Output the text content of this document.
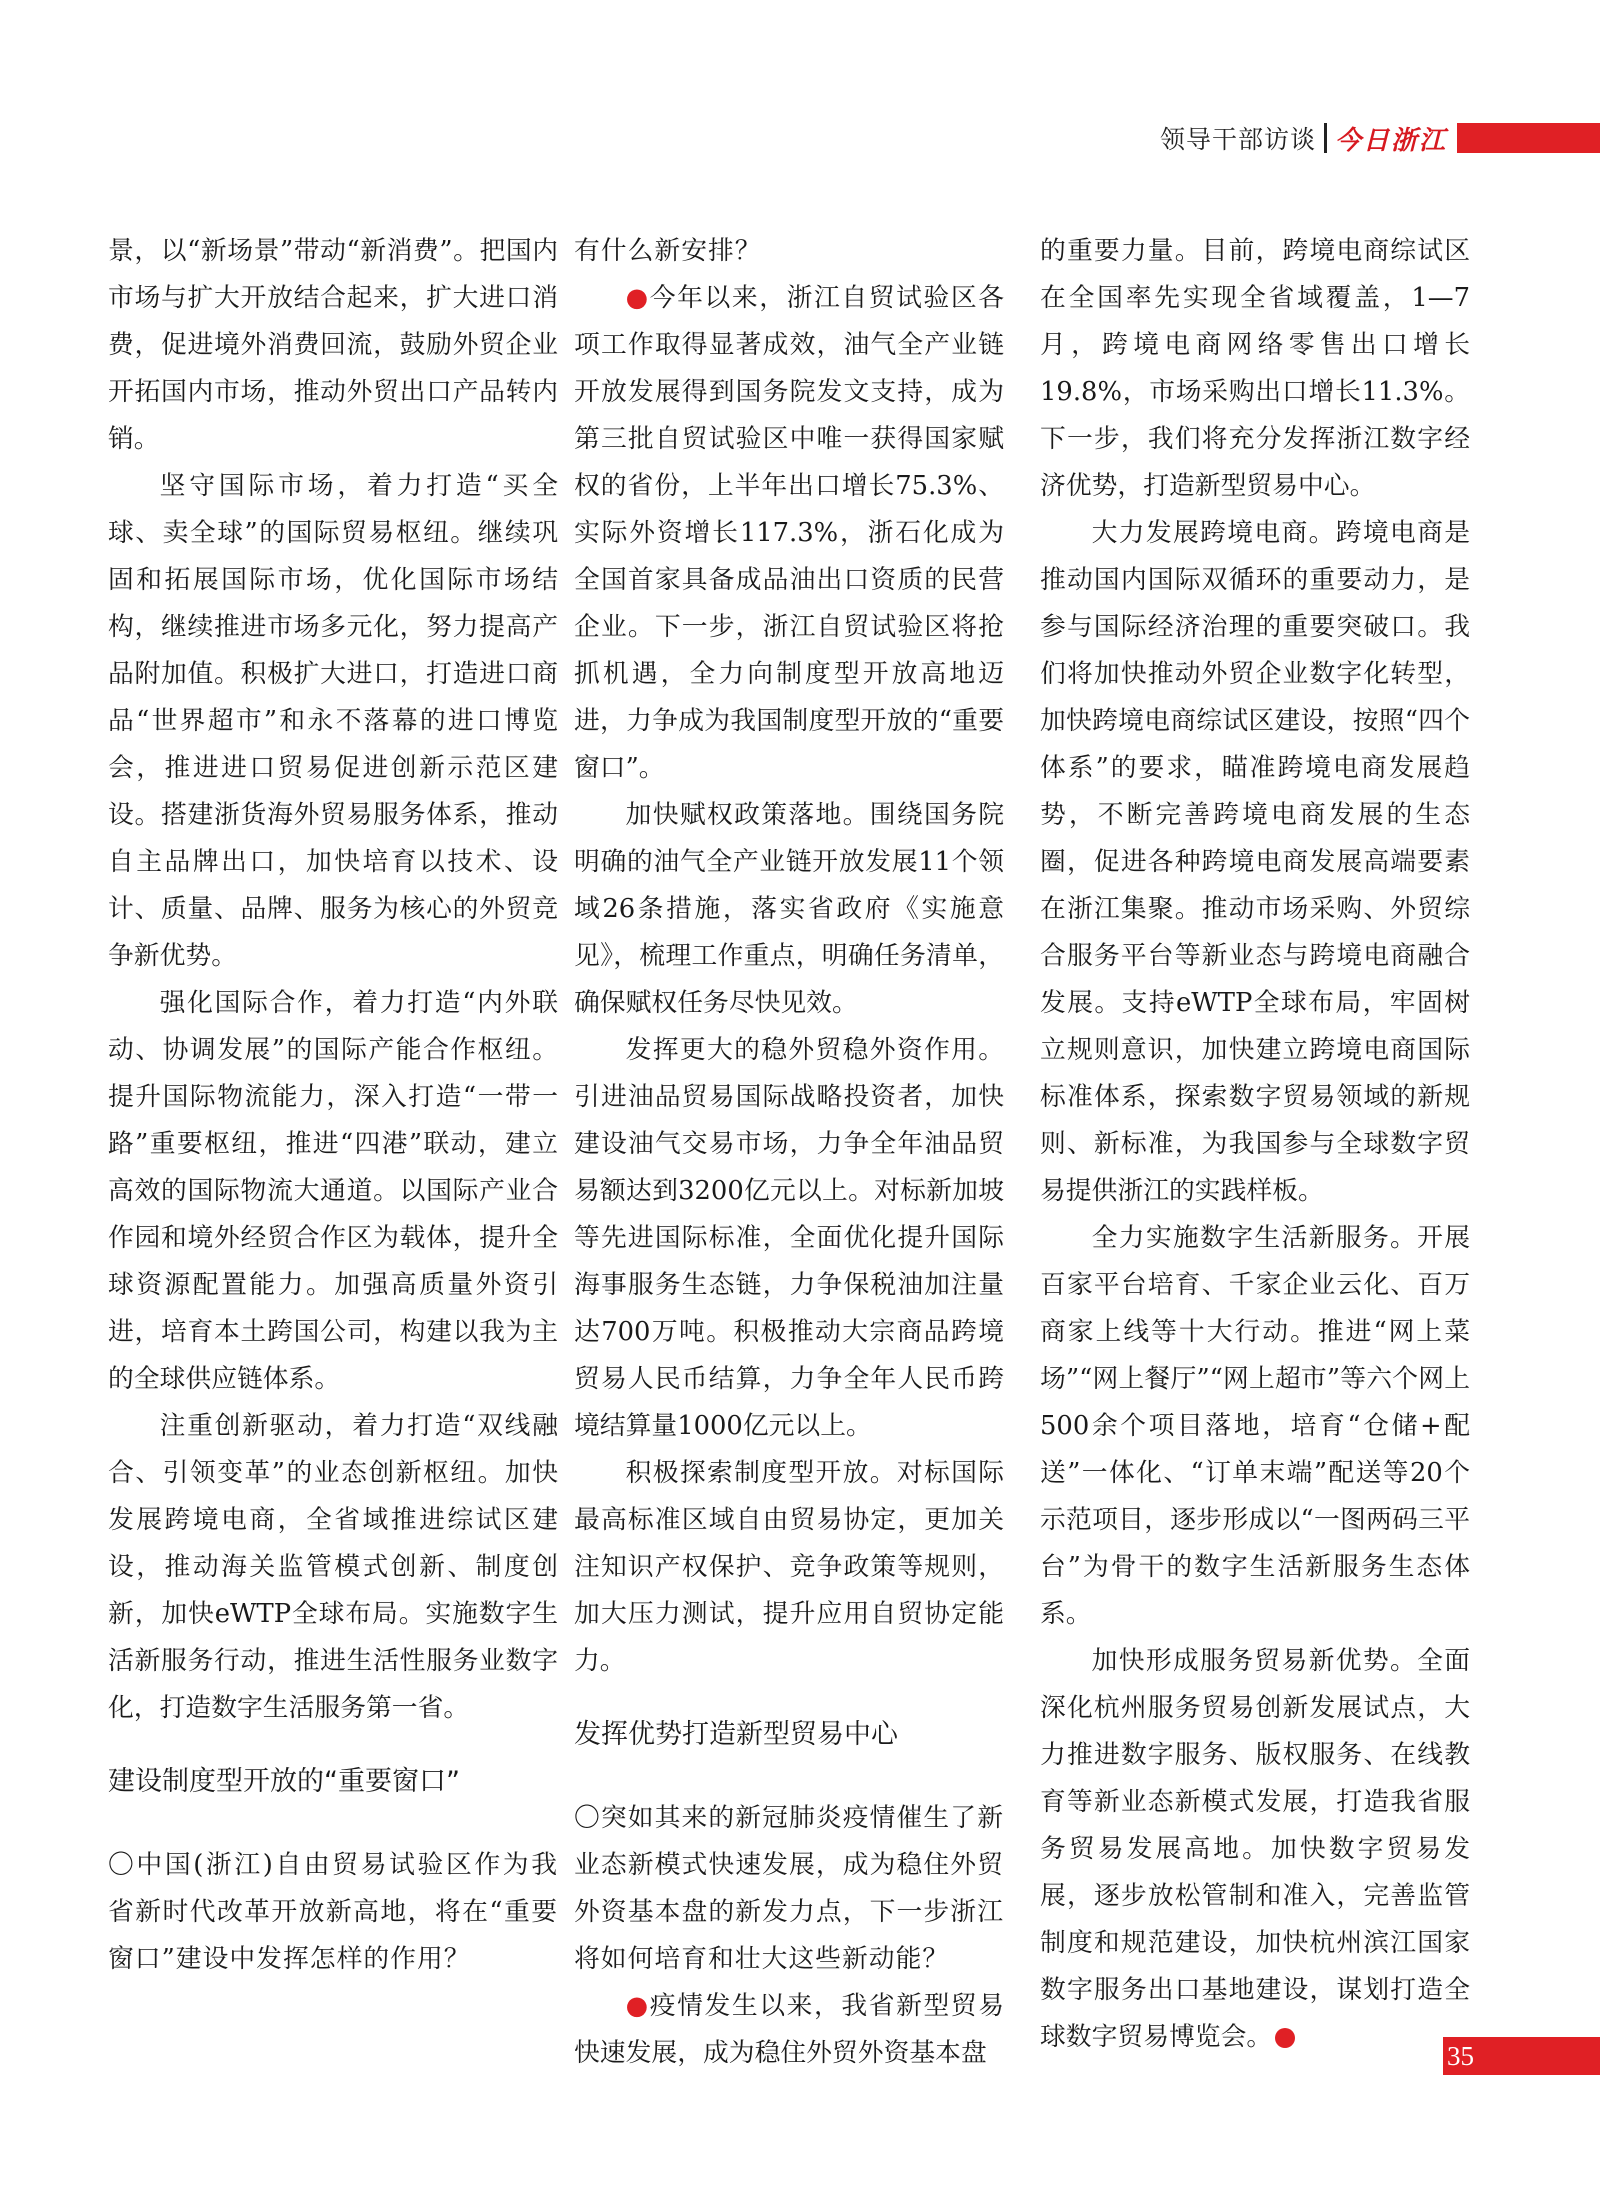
领导干部访谈 今日浙江

景，以“新场景”带动“新消费”。把国内市场与扩大开放结合起来，扩大进口消费，促进境外消费回流，鼓励外贸企业开拓国内市场，推动外贸出口产品转内销。

坚守国际市场，着力打造“买全球、卖全球”的国际贸易枢纽。继续巩固和拓展国际市场，优化国际市场结构，继续推进市场多元化，努力提高产品附加值。积极扩大进口，打造进口商品“世界超市”和永不落幕的进口博览会，推进进口贸易促进创新示范区建设。搭建浙货海外贸易服务体系，推动自主品牌出口，加快培育以技术、设计、质量、品牌、服务为核心的外贸竞争新优势。

强化国际合作，着力打造“内外联动、协调发展”的国际产能合作枢纽。提升国际物流能力，深入打造“一带一路”重要枢纽，推进“四港”联动，建立高效的国际物流大通道。以国际产业合作园和境外经贸合作区为载体，提升全球资源配置能力。加强高质量外资引进，培育本土跨国公司，构建以我为主的全球供应链体系。

注重创新驱动，着力打造“双线融合、引领变革”的业态创新枢纽。加快发展跨境电商，全省域推进综试区建设，推动海关监管模式创新、制度创新，加快eWTP全球布局。实施数字生活新服务行动，推进生活性服务业数字化，打造数字生活服务第一省。

建设制度型开放的“重要窗口”

〇中国(浙江)自由贸易试验区作为我省新时代改革开放新高地，将在“重要窗口”建设中发挥怎样的作用？

有什么新安排？

●今年以来，浙江自贸试验区各项工作取得显著成效，油气全产业链开放发展得到国务院发文支持，成为第三批自贸试验区中唯一获得国家赋权的省份，上半年出口增长75.3%、实际外资增长117.3%，浙石化成为全国首家具备成品油出口资质的民营企业。下一步，浙江自贸试验区将抢抓机遇，全力向制度型开放高地迈进，力争成为我国制度型开放的“重要窗口”。

加快赋权政策落地。围绕国务院明确的油气全产业链开放发展11个领域26条措施，落实省政府《实施意见》，梳理工作重点，明确任务清单，确保赋权任务尽快见效。

发挥更大的稳外贸稳外资作用。引进油品贸易国际战略投资者，加快建设油气交易市场，力争全年油品贸易额达到3200亿元以上。对标新加坡等先进国际标准，全面优化提升国际海事服务生态链，力争保税油加注量达700万吨。积极推动大宗商品跨境贸易人民币结算，力争全年人民币跨境结算量1000亿元以上。

积极探索制度型开放。对标国际最高标准区域自由贸易协定，更加关注知识产权保护、竞争政策等规则，加大压力测试，提升应用自贸协定能力。

发挥优势打造新型贸易中心

〇突如其来的新冠肺炎疫情催生了新业态新模式快速发展，成为稳住外贸外资基本盘的新发力点，下一步浙江将如何培育和壮大这些新动能？

●疫情发生以来，我省新型贸易快速发展，成为稳住外贸外资基本盘

的重要力量。目前，跨境电商综试区在全国率先实现全省域覆盖，1—7月，跨境电商网络零售出口增长19.8%，市场采购出口增长11.3%。下一步，我们将充分发挥浙江数字经济优势，打造新型贸易中心。

大力发展跨境电商。跨境电商是推动国内国际双循环的重要动力，是参与国际经济治理的重要突破口。我们将加快推动外贸企业数字化转型，加快跨境电商综试区建设，按照“四个体系”的要求，瞄准跨境电商发展趋势，不断完善跨境电商发展的生态圈，促进各种跨境电商发展高端要素在浙江集聚。推动市场采购、外贸综合服务平台等新业态与跨境电商融合发展。支持eWTP全球布局，牢固树立规则意识，加快建立跨境电商国际标准体系，探索数字贸易领域的新规则、新标准，为我国参与全球数字贸易提供浙江的实践样板。

全力实施数字生活新服务。开展百家平台培育、千家企业云化、百万商家上线等十大行动。推进“网上菜场”“网上餐厅”“网上超市”等六个网上500余个项目落地，培育“仓储+配送”一体化、“订单末端”配送等20个示范项目，逐步形成以“一图两码三平台”为骨干的数字生活新服务生态体系。

加快形成服务贸易新优势。全面深化杭州服务贸易创新发展试点，大力推进数字服务、版权服务、在线教育等新业态新模式发展，打造我省服务贸易发展高地。加快数字贸易发展，逐步放松管制和准入，完善监管制度和规范建设，加快杭州滨江国家数字服务出口基地建设，谋划打造全球数字贸易博览会。	今

35
